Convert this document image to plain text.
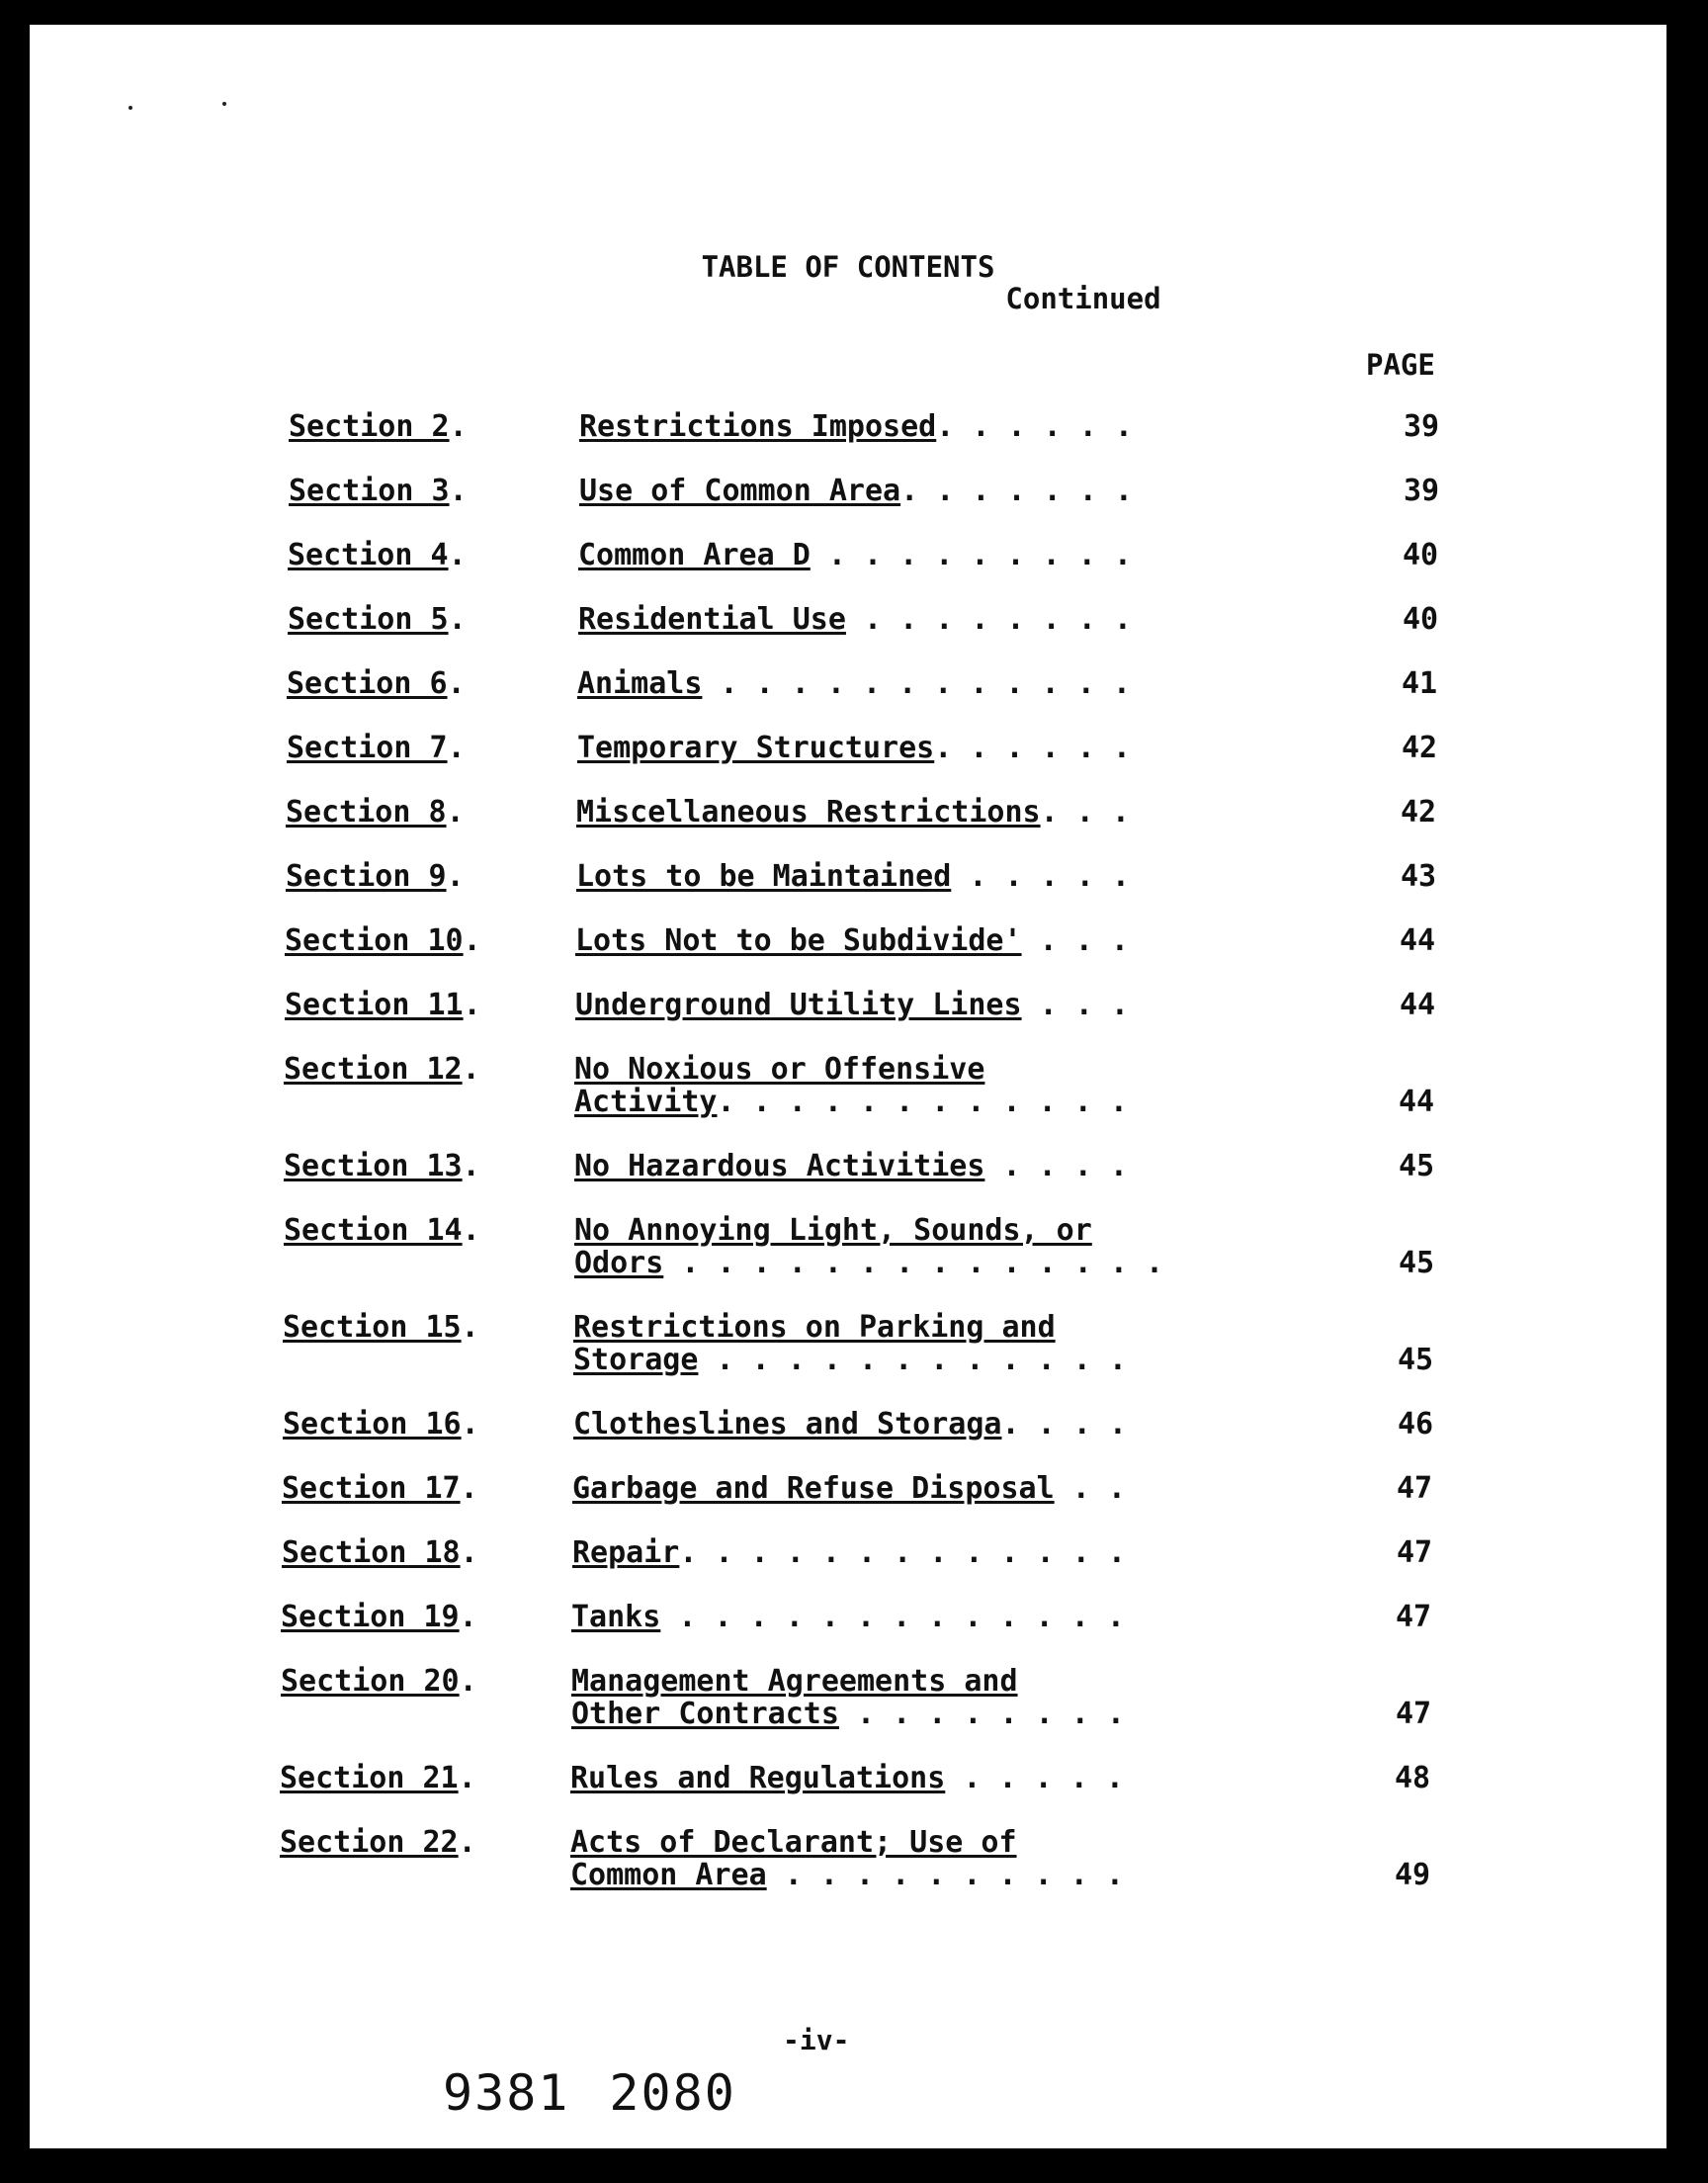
TABLE OF CONTENTS
Continued
PAGE
Section 2.	Restrictions Imposed. . . . . .	39
Section 3.	Use of Common Area. . . . . . .	39
Section 4.	Common Area D . . . . . . . . .	40
Section 5.	Residential Use . . . . . . . .	40
Section 6.	Animals . . . . . . . . . . . .	41
Section 7.	Temporary Structures. . . . . .	42
Section 8.	Miscellaneous Restrictions. . .	42
Section 9.	Lots to be Maintained . . . . .	43
Section 10.	Lots Not to be Subdivide' . . .	44
Section 11.	Underground Utility Lines . . .	44
Section 12.	No Noxious or Offensive
Activity. . . . . . . . . . . .	44
Section 13.	No Hazardous Activities . . . .	45
Section 14.	No Annoying Light, Sounds, or
Odors . . . . . . . . . . . . . .	45
Section 15.	Restrictions on Parking and
Storage . . . . . . . . . . . .	45
Section 16.	Clotheslines and Storaga. . . .	46
Section 17.	Garbage and Refuse Disposal . .	47
Section 18.	Repair. . . . . . . . . . . . .	47
Section 19.	Tanks . . . . . . . . . . . . .	47
Section 20.	Management Agreements and
Other Contracts . . . . . . . .	47
Section 21.	Rules and Regulations . . . . .	48
Section 22.	Acts of Declarant; Use of
Common Area . . . . . . . . . .	49
-iv-
9381 2080
